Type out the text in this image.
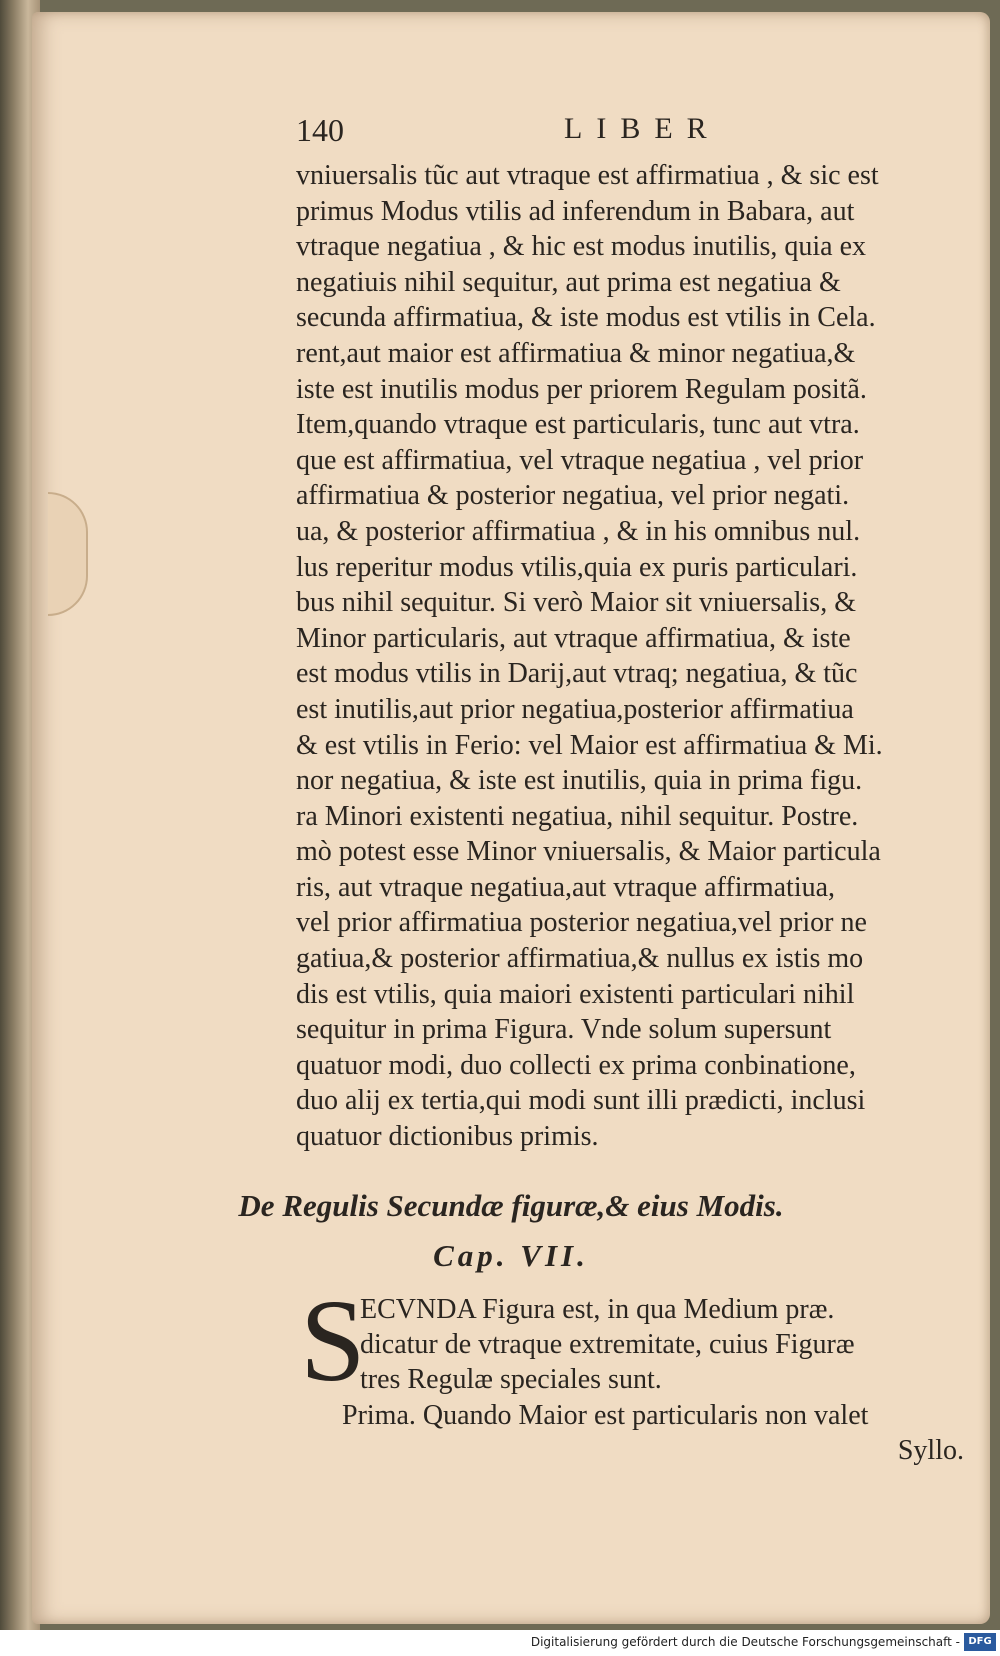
140	LIBER
vniuersalis tũc aut vtraque est affirmatiua , & sic est
primus Modus vtilis ad inferendum in Babara, aut
vtraque negatiua , & hic est modus inutilis, quia ex
negatiuis nihil sequitur, aut prima est negatiua &
secunda affirmatiua, & iste modus est vtilis in Cela.
rent,aut maior est affirmatiua & minor negatiua,&
iste est inutilis modus per priorem Regulam positã.
Item,quando vtraque est particularis, tunc aut vtra.
que est affirmatiua, vel vtraque negatiua , vel prior
affirmatiua & posterior negatiua, vel prior negati.
ua, & posterior affirmatiua , & in his omnibus nul.
lus reperitur modus vtilis,quia ex puris particulari.
bus nihil sequitur. Si verò Maior sit vniuersalis, &
Minor particularis, aut vtraque affirmatiua, & iste
est modus vtilis in Darij,aut vtraq; negatiua, & tũc
est inutilis,aut prior negatiua,posterior affirmatiua
& est vtilis in Ferio: vel Maior est affirmatiua & Mi.
nor negatiua, & iste est inutilis, quia in prima figu.
ra Minori existenti negatiua, nihil sequitur. Postre.
mò potest esse Minor vniuersalis, & Maior particula
ris, aut vtraque negatiua,aut vtraque affirmatiua,
vel prior affirmatiua posterior negatiua,vel prior ne
gatiua,& posterior affirmatiua,& nullus ex istis mo
dis est vtilis, quia maiori existenti particulari nihil
sequitur in prima Figura. Vnde solum supersunt
quatuor modi, duo collecti ex prima conbinatione,
duo alij ex tertia,qui modi sunt illi prædicti, inclusi
quatuor dictionibus primis.
De Regulis Secundæ figuræ,& eius Modis.
Cap. VII.
S
ECVNDA Figura est, in qua Medium præ.
dicatur de vtraque extremitate, cuius Figuræ
tres Regulæ speciales sunt.
Prima. Quando Maior est particularis non valet
Syllo.
Digitalisierung gefördert durch die Deutsche Forschungsgemeinschaft - DFG
